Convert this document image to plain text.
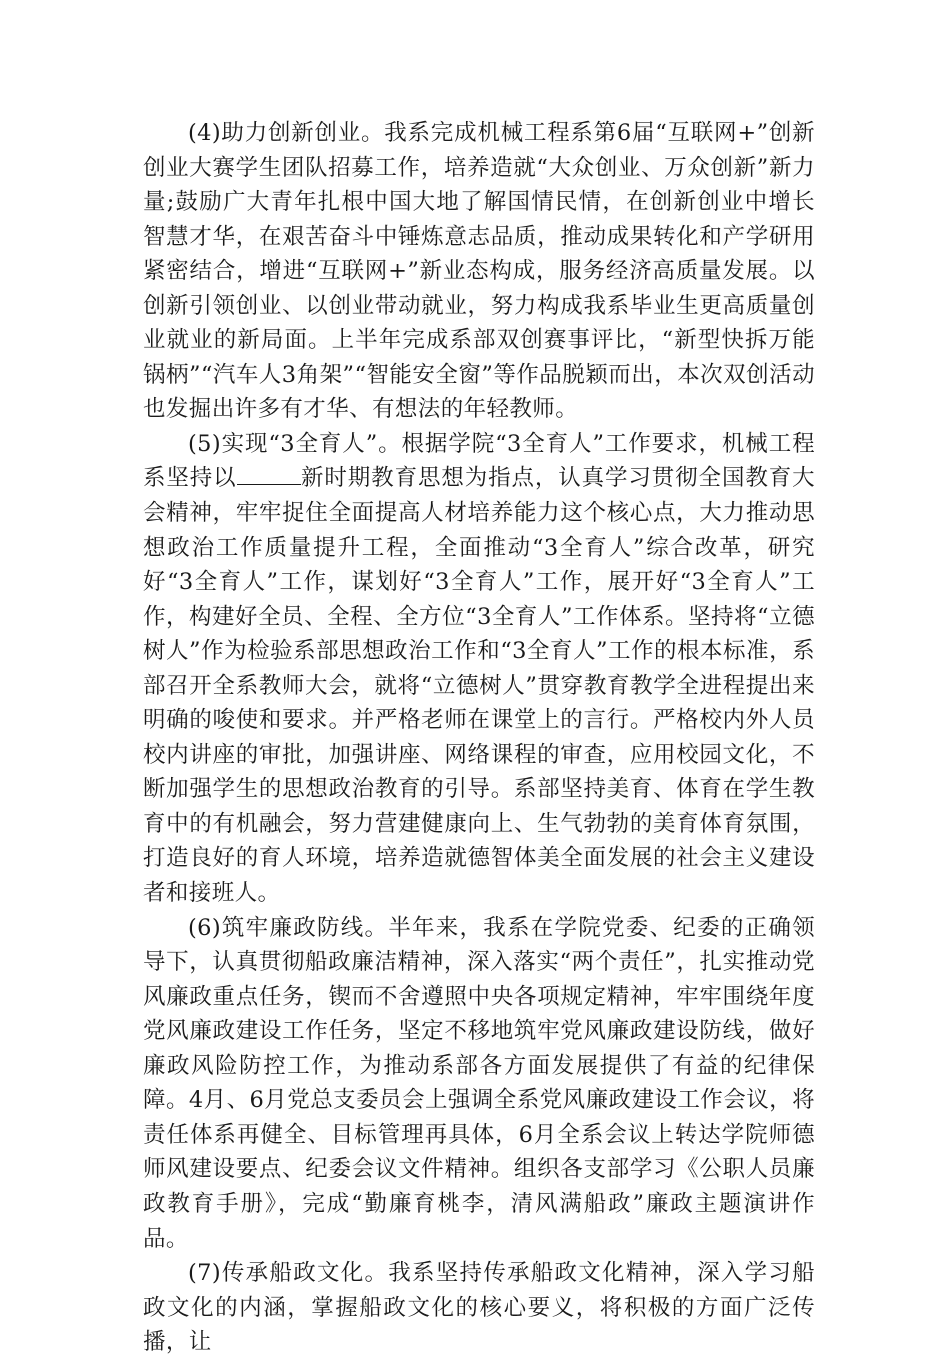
(4)助力创新创业。我系完成机械工程系第6届“互联网+”创新创业大赛学生团队招募工作，培养造就“大众创业、万众创新”新力量;鼓励广大青年扎根中国大地了解国情民情，在创新创业中增长智慧才华，在艰苦奋斗中锤炼意志品质，推动成果转化和产学研用紧密结合，增进“互联网+”新业态构成，服务经济高质量发展。以创新引领创业、以创业带动就业，努力构成我系毕业生更高质量创业就业的新局面。上半年完成系部双创赛事评比，“新型快拆万能锅柄”“汽车人3角架”“智能安全窗”等作品脱颖而出，本次双创活动也发掘出许多有才华、有想法的年轻教师。

(5)实现“3全育人”。根据学院“3全育人”工作要求，机械工程系坚持以	新时期教育思想为指点，认真学习贯彻全国教育大会精神，牢牢捉住全面提高人材培养能力这个核心点，大力推动思想政治工作质量提升工程，全面推动“3全育人”综合改革，研究好“3全育人”工作，谋划好“3全育人”工作，展开好“3全育人”工作，构建好全员、全程、全方位“3全育人”工作体系。坚持将“立德树人”作为检验系部思想政治工作和“3全育人”工作的根本标准，系部召开全系教师大会，就将“立德树人”贯穿教育教学全进程提出来明确的唆使和要求。并严格老师在课堂上的言行。严格校内外人员校内讲座的审批，加强讲座、网络课程的审查，应用校园文化，不断加强学生的思想政治教育的引导。系部坚持美育、体育在学生教育中的有机融会，努力营建健康向上、生气勃勃的美育体育氛围，打造良好的育人环境，培养造就德智体美全面发展的社会主义建设者和接班人。

(6)筑牢廉政防线。半年来，我系在学院党委、纪委的正确领导下，认真贯彻船政廉洁精神，深入落实“两个责任”，扎实推动党风廉政重点任务，锲而不舍遵照中央各项规定精神，牢牢围绕年度党风廉政建设工作任务，坚定不移地筑牢党风廉政建设防线，做好廉政风险防控工作，为推动系部各方面发展提供了有益的纪律保障。4月、6月党总支委员会上强调全系党风廉政建设工作会议，将责任体系再健全、目标管理再具体，6月全系会议上转达学院师德师风建设要点、纪委会议文件精神。组织各支部学习《公职人员廉政教育手册》，完成“勤廉育桃李，清风满船政”廉政主题演讲作品。

(7)传承船政文化。我系坚持传承船政文化精神，深入学习船政文化的内涵，掌握船政文化的核心要义，将积极的方面广泛传播，让
